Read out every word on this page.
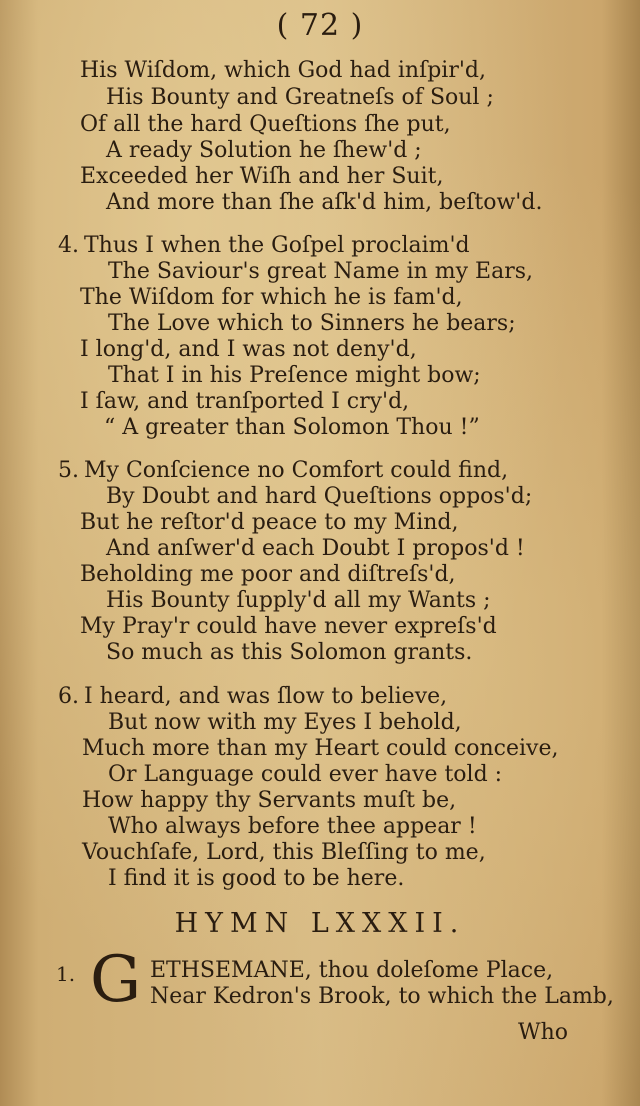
( 72 )
His Wiſdom, which God had inſpir'd,
His Bounty and Greatneſs of Soul ;
Of all the hard Queſtions ſhe put,
A ready Solution he ſhew'd ;
Exceeded her Wiſh and her Suit,
And more than ſhe aſk'd him, beſtow'd.
4. Thus I when the Goſpel proclaim'd
The Saviour's great Name in my Ears,
The Wiſdom for which he is fam'd,
The Love which to Sinners he bears;
I long'd, and I was not deny'd,
That I in his Preſence might bow;
I ſaw, and tranſported I cry'd,
“ A greater than Solomon Thou !”
5. My Conſcience no Comfort could find,
By Doubt and hard Queſtions oppos'd;
But he reſtor'd peace to my Mind,
And anſwer'd each Doubt I propos'd !
Beholding me poor and diſtreſs'd,
His Bounty ſupply'd all my Wants ;
My Pray'r could have never expreſs'd
So much as this Solomon grants.
6. I heard, and was ſlow to believe,
But now with my Eyes I behold,
Much more than my Heart could conceive,
Or Language could ever have told :
How happy thy Servants muſt be,
Who always before thee appear !
Vouchſafe, Lord, this Bleſſing to me,
I find it is good to be here.
HYMN LXXXII.
1. G ETHSEMANE, thou doleſome Place,
Near Kedron's Brook, to which the Lamb,
Who
